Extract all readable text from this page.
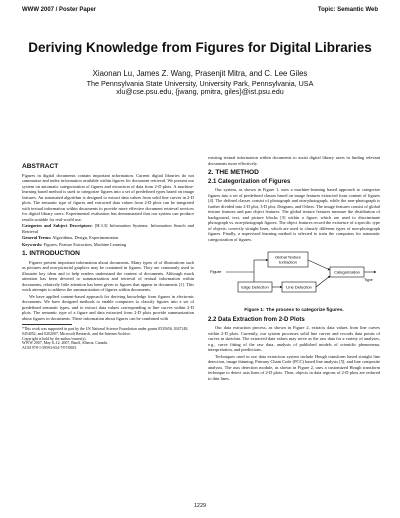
WWW 2007 / Poster Paper	Topic: Semantic Web
Deriving Knowledge from Figures for Digital Libraries
Xiaonan Lu, James Z. Wang, Prasenjit Mitra, and C. Lee Giles
The Pennsylvania State University, University Park, Pennsylvania, USA
xlu@cse.psu.edu, {jwang, pmitra, giles}@ist.psu.edu
ABSTRACT

Figures in digital documents contain important information. Current digital libraries do not summarize and index information available within figures for document retrieval. We present our system on automatic categorization of figures and extraction of data from 2-D plots. A machine-learning based method is used to categorize figures into a set of predefined types based on image features. An automated algorithm is designed to extract data values from solid line curves in 2-D plots. The semantic type of figures and extracted data values from 2-D plots can be integrated with textual information within documents to provide more effective document retrieval services for digital library users. Experimental evaluation has demonstrated that our system can produce results suitable for real-world use.

Categories and Subject Descriptors: [H.3.3] Information Systems: Information Search and Retrieval

General Terms: Algorithms, Design, Experimentation

Keywords: Figures, Feature Extraction, Machine Learning

1. INTRODUCTION

Figures present important information about documents. Many types of of illustrations such as pictures and non-pictorial graphics may be contained in figures. They are commonly used to illustrate key ideas and to help readers understand the content of documents. Although much attention has been devoted to summarization and retrieval of textual information within documents, relatively little attention has been given to figures that appear in documents [1]. This work attempts to address the summarization of figures within documents.

We have applied content-based approach for deriving knowledge from figures in electronic documents. We have designed methods to enable computers to classify figures into a set of predefined semantic types, and to extract data values corresponding to line curves within 2-D plots. The semantic type of a figure and data extracted from 2-D plots provide summarization about figures in documents. These information about figures can be combined with

*This work was supported in part by the US National Science Foundation under grants 0535656, 0347148, 0454052, and 0202007, Microsoft Research, and the Internet Archive.
Copyright is held by the author/owner(s).
WWW 2007, May 8–12, 2007, Banff, Alberta, Canada.
ACM 978-1-59593-654-7/07/0005.

existing textual information within documents to assist digital library users in finding relevant documents more effectively.

2. THE METHOD
2.1 Categorization of Figures

Our system, as shown in Figure 1, uses a machine-learning based approach to categorize figures into a set of predefined classes based on image features extracted from content of figures [4]. The defined classes consist of photograph and non-photograph, while the non-photograph is further divided into 2-D plot, 3-D plot, Diagram, and Others. The image features consist of global texture features and part object features. The global texture features measure the distribution of background, text, and picture blocks [3] within a figure, which are used to discriminate photograph vs. non-photograph figures. The object features record the existence of a specific type of objects: correctly straight lines, which are used to classify different types of non-photograph figures. Finally, a supervised learning method is selected to train the computers for automatic categorization of figures.

Figure
Global Texture
Extraction
Edge Detection	Line Detection
Categorization
Type
Figure 1: The process to categorize figures.
2.2 Data Extraction from 2-D Plots

Our data extraction process, as shown in Figure 2, extracts data values from line curves within 2-D plots. Currently, our system processes solid line curves and records data points of curves in sketches. The extracted data values may serve as the raw data for a variety of analyses, e.g., curve fitting of the raw data, analysis of published models of scientific phenomena, interpretation, and predictions.

Techniques used in our data extraction system include Hough transform based straight line detection, image thinning, Primary Chain Code (PCC) based line analysis [5], and line composite analysis. The axis detection module, as shown in Figure 2, uses a customized Hough transform technique to detect axis lines of 2-D plots. Then, objects in data regions of 2-D plots are reduced to thin lines.

1229
